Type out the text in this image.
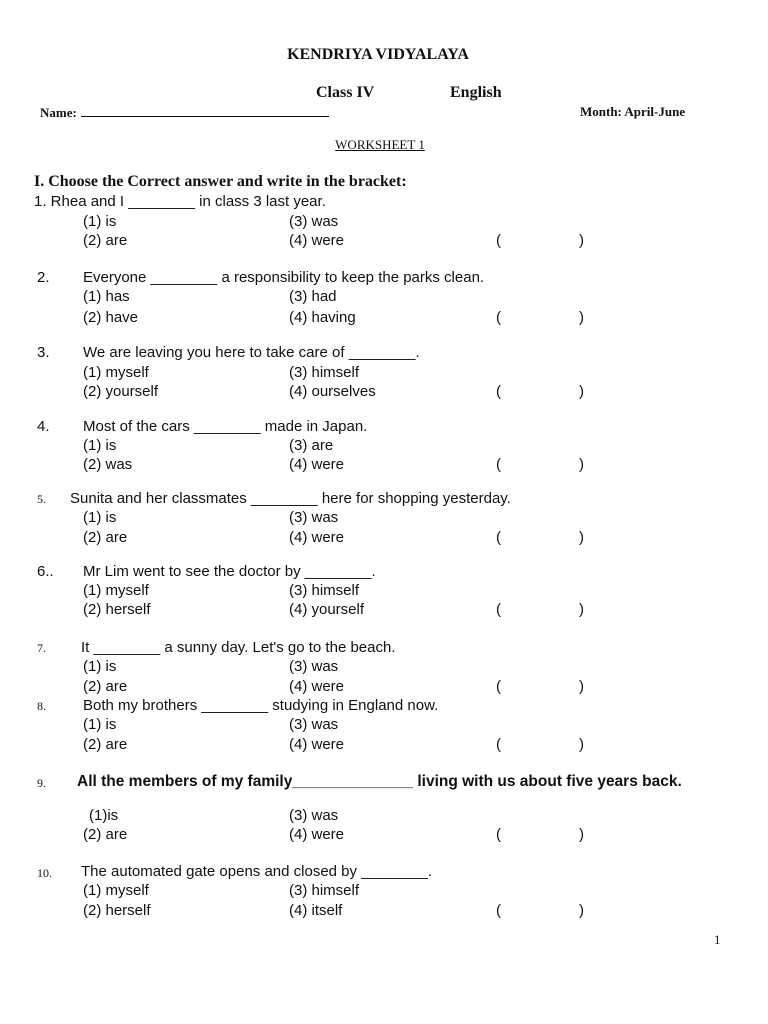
KENDRIYA VIDYALAYA
Class IV	English
Name:	Month: April-June
WORKSHEET 1
I. Choose the Correct answer and write in the bracket:
1. Rhea and I ________ in class 3 last year.
(1) is	(3) was
(2) are	(4) were	(	)
2. Everyone ________ a responsibility to keep the parks clean.
(1) has	(3) had
(2) have	(4) having	(	)
3. We are leaving you here to take care of ________.
(1) myself	(3) himself
(2) yourself	(4) ourselves	(	)
4. Most of the cars ________ made in Japan.
(1) is	(3) are
(2) was	(4) were	(	)
5. Sunita and her classmates ________ here for shopping yesterday.
(1) is	(3) was
(2) are	(4) were	(	)
6.. Mr Lim went to see the doctor by ________.
(1) myself	(3) himself
(2) herself	(4) yourself	(	)
7. It ________ a sunny day. Let's go to the beach.
(1) is	(3) was
(2) are	(4) were	(	)
8. Both my brothers ________ studying in England now.
(1) is	(3) was
(2) are	(4) were	(	)
9. All the members of my family______________ living with us about five years back.
(1)is	(3) was
(2) are	(4) were	(	)
10. The automated gate opens and closed by ________.
(1) myself	(3) himself
(2) herself	(4) itself	(	)
1
